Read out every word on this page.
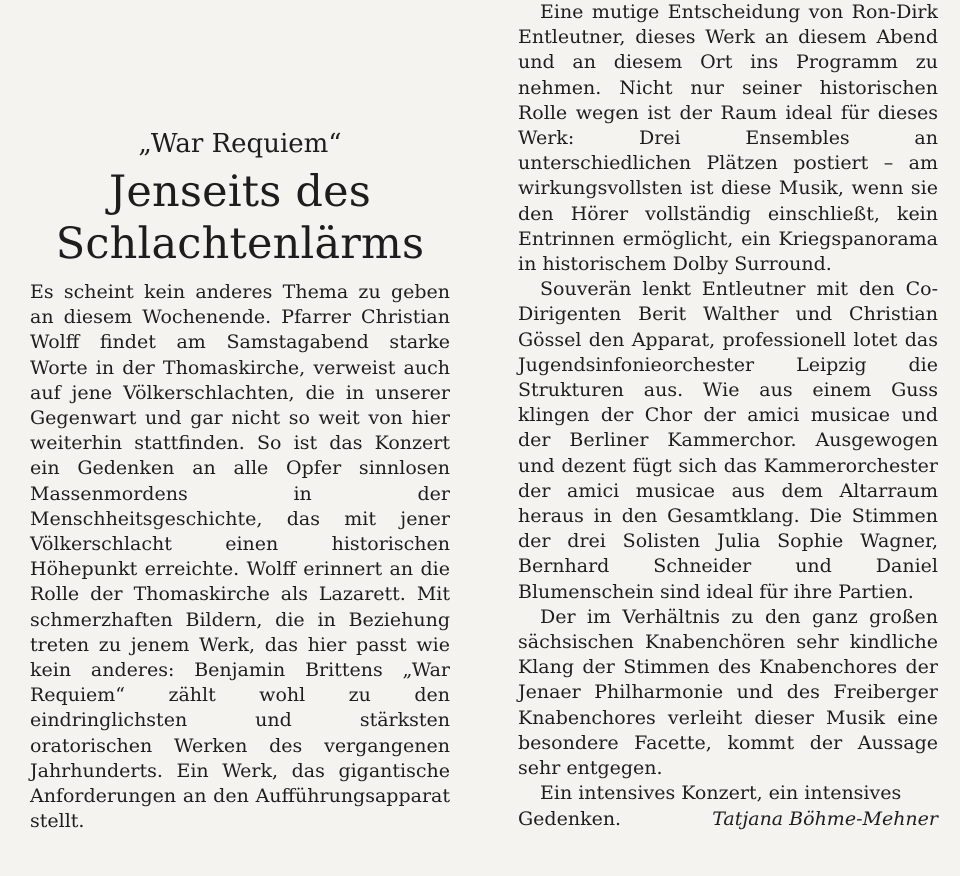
„War Requiem“
Jenseits des
Schlachtenlärms

Es scheint kein anderes Thema zu geben an diesem Wochenende. Pfarrer Christian Wolff findet am Samstagabend starke Worte in der Thomaskirche, verweist auch auf jene Völkerschlachten, die in unserer Gegenwart und gar nicht so weit von hier weiterhin stattfinden. So ist das Konzert ein Gedenken an alle Opfer sinnlosen Massenmordens in der Menschheitsgeschichte, das mit jener Völkerschlacht einen historischen Höhepunkt erreichte. Wolff erinnert an die Rolle der Thomaskirche als Lazarett. Mit schmerzhaften Bildern, die in Beziehung treten zu jenem Werk, das hier passt wie kein anderes: Benjamin Brittens „War Requiem“ zählt wohl zu den eindringlichsten und stärksten oratorischen Werken des vergangenen Jahrhunderts. Ein Werk, das gigantische Anforderungen an den Aufführungsapparat stellt.

Eine mutige Entscheidung von Ron-Dirk Entleutner, dieses Werk an diesem Abend und an diesem Ort ins Programm zu nehmen. Nicht nur seiner historischen Rolle wegen ist der Raum ideal für dieses Werk: Drei Ensembles an unterschiedlichen Plätzen postiert – am wirkungsvollsten ist diese Musik, wenn sie den Hörer vollständig einschließt, kein Entrinnen ermöglicht, ein Kriegspanorama in historischem Dolby Surround.

Souverän lenkt Entleutner mit den Co-Dirigenten Berit Walther und Christian Gössel den Apparat, professionell lotet das Jugendsinfonieorchester Leipzig die Strukturen aus. Wie aus einem Guss klingen der Chor der amici musicae und der Berliner Kammerchor. Ausgewogen und dezent fügt sich das Kammerorchester der amici musicae aus dem Altarraum heraus in den Gesamtklang. Die Stimmen der drei Solisten Julia Sophie Wagner, Bernhard Schneider und Daniel Blumenschein sind ideal für ihre Partien.

Der im Verhältnis zu den ganz großen sächsischen Knabenchören sehr kindliche Klang der Stimmen des Knabenchores der Jenaer Philharmonie und des Freiberger Knabenchores verleiht dieser Musik eine besondere Facette, kommt der Aussage sehr entgegen.

Ein intensives Konzert, ein intensives

Gedenken.	Tatjana Böhme-Mehner
